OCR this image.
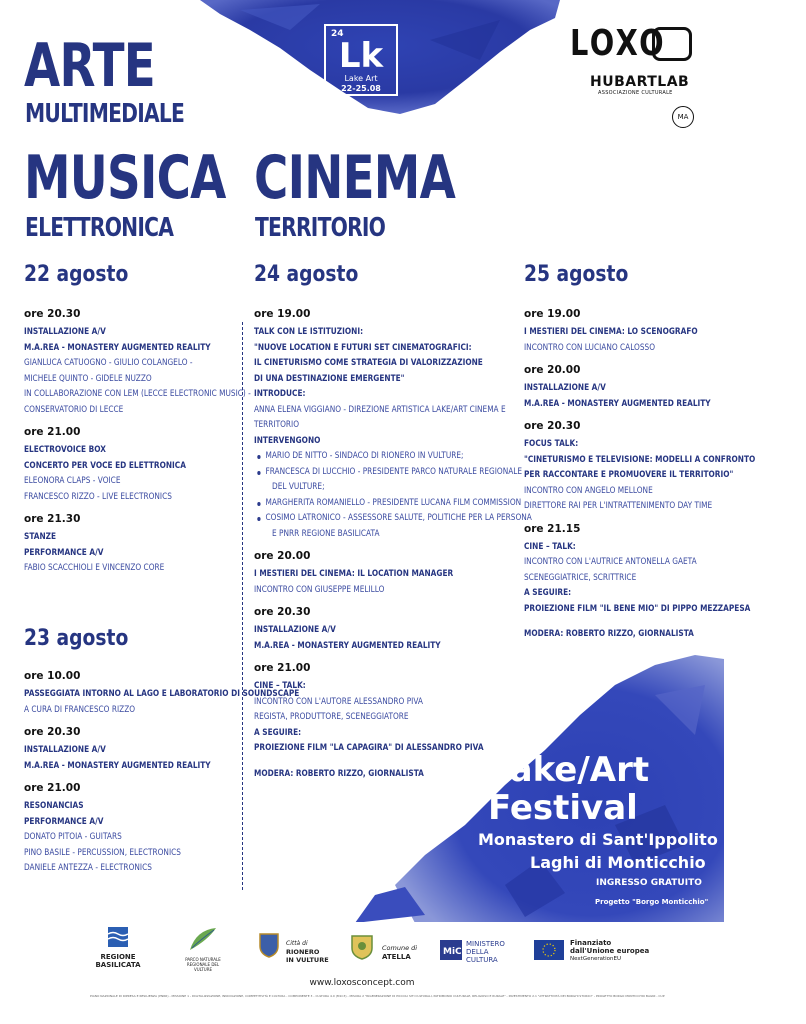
ARTE
MULTIMEDIALE
MUSICA
ELETTRONICA
CINEMA
TERRITORIO
24
Lk
Lake Art
22-25.08
LOXO
HUBARTLAB
ASSOCIAZIONE CULTURALE
MA
22 agosto	24 agosto	25 agosto
23 agosto
ore 20.30
INSTALLAZIONE A/V
M.A.REA - MONASTERY AUGMENTED REALITY
GIANLUCA CATUOGNO - GIULIO COLANGELO -
MICHELE QUINTO - GIDELE NUZZO
IN COLLABORAZIONE CON LEM (LECCE ELECTRONIC MUSIC) -
CONSERVATORIO DI LECCE
ore 21.00
ELECTROVOICE BOX
CONCERTO PER VOCE ED ELETTRONICA
ELEONORA CLAPS - VOICE
FRANCESCO RIZZO - LIVE ELECTRONICS
ore 21.30
STANZE
PERFORMANCE A/V
FABIO SCACCHIOLI E VINCENZO CORE
ore 10.00
PASSEGGIATA INTORNO AL LAGO E LABORATORIO DI SOUNDSCAPE
A CURA DI FRANCESCO RIZZO
ore 20.30
INSTALLAZIONE A/V
M.A.REA - MONASTERY AUGMENTED REALITY
ore 21.00
RESONANCIAS
PERFORMANCE A/V
DONATO PITOIA - GUITARS
PINO BASILE - PERCUSSION, ELECTRONICS
DANIELE ANTEZZA - ELECTRONICS
ore 19.00
TALK CON LE ISTITUZIONI:
"NUOVE LOCATION E FUTURI SET CINEMATOGRAFICI:
IL CINETURISMO COME STRATEGIA DI VALORIZZAZIONE
DI UNA DESTINAZIONE EMERGENTE"
INTRODUCE:
ANNA ELENA VIGGIANO - DIREZIONE ARTISTICA LAKE/ART CINEMA E
TERRITORIO
INTERVENGONO
MARIO DE NITTO - SINDACO DI RIONERO IN VULTURE;
FRANCESCA DI LUCCHIO - PRESIDENTE PARCO NATURALE REGIONALE
DEL VULTURE;
MARGHERITA ROMANIELLO - PRESIDENTE LUCANA FILM COMMISSION
COSIMO LATRONICO - ASSESSORE SALUTE, POLITICHE PER LA PERSONA
E PNRR REGIONE BASILICATA
ore 20.00
I MESTIERI DEL CINEMA: IL LOCATION MANAGER
INCONTRO CON GIUSEPPE MELILLO
ore 20.30
INSTALLAZIONE A/V
M.A.REA - MONASTERY AUGMENTED REALITY
ore 21.00
CINE – TALK:
INCONTRO CON L'AUTORE ALESSANDRO PIVA
REGISTA, PRODUTTORE, SCENEGGIATORE
A SEGUIRE:
PROIEZIONE FILM "LA CAPAGIRA" DI ALESSANDRO PIVA
MODERA: ROBERTO RIZZO, GIORNALISTA
ore 19.00
I MESTIERI DEL CINEMA: LO SCENOGRAFO
INCONTRO CON LUCIANO CALOSSO
ore 20.00
INSTALLAZIONE A/V
M.A.REA - MONASTERY AUGMENTED REALITY
ore 20.30
FOCUS TALK:
"CINETURISMO E TELEVISIONE: MODELLI A CONFRONTO
PER RACCONTARE E PROMUOVERE IL TERRITORIO"
INCONTRO CON ANGELO MELLONE
DIRETTORE RAI PER L'INTRATTENIMENTO DAY TIME
ore 21.15
CINE – TALK:
INCONTRO CON L'AUTRICE ANTONELLA GAETA
SCENEGGIATRICE, SCRITTRICE
A SEGUIRE:
PROIEZIONE FILM "IL BENE MIO" DI PIPPO MEZZAPESA
MODERA: ROBERTO RIZZO, GIORNALISTA
Lake/Art
Festival
Monastero di Sant'Ippolito
Laghi di Monticchio
INGRESSO GRATUITO
Progetto "Borgo Monticchio"
REGIONE BASILICATA
PARCO NATURALE REGIONALE DEL VULTURE
Città di
RIONERO
IN VULTURE
Comune di
ATELLA	MiC
MINISTERO
DELLA
CULTURA
Finanziato
dall'Unione europea
NextGenerationEU
www.loxosconcept.com
PIANO NAZIONALE DI RIPRESA E RESILIENZA (PNRR) - MISSIONE 1 - DIGITALIZZAZIONE, INNOVAZIONE, COMPETITIVITÀ E CULTURA - COMPONENTE 3 - CULTURA 4.0 (M1C3) - MISURA 2 "RIGENERAZIONE DI PICCOLI SITI CULTURALI, PATRIMONIO CULTURALE, RELIGIOSO E RURALE" - INVESTIMENTO 2.1 "ATTRATTIVITÀ DEI BORGHI STORICI" - PROGETTO BORGO MONTICCHIO BAGNI - CUP
